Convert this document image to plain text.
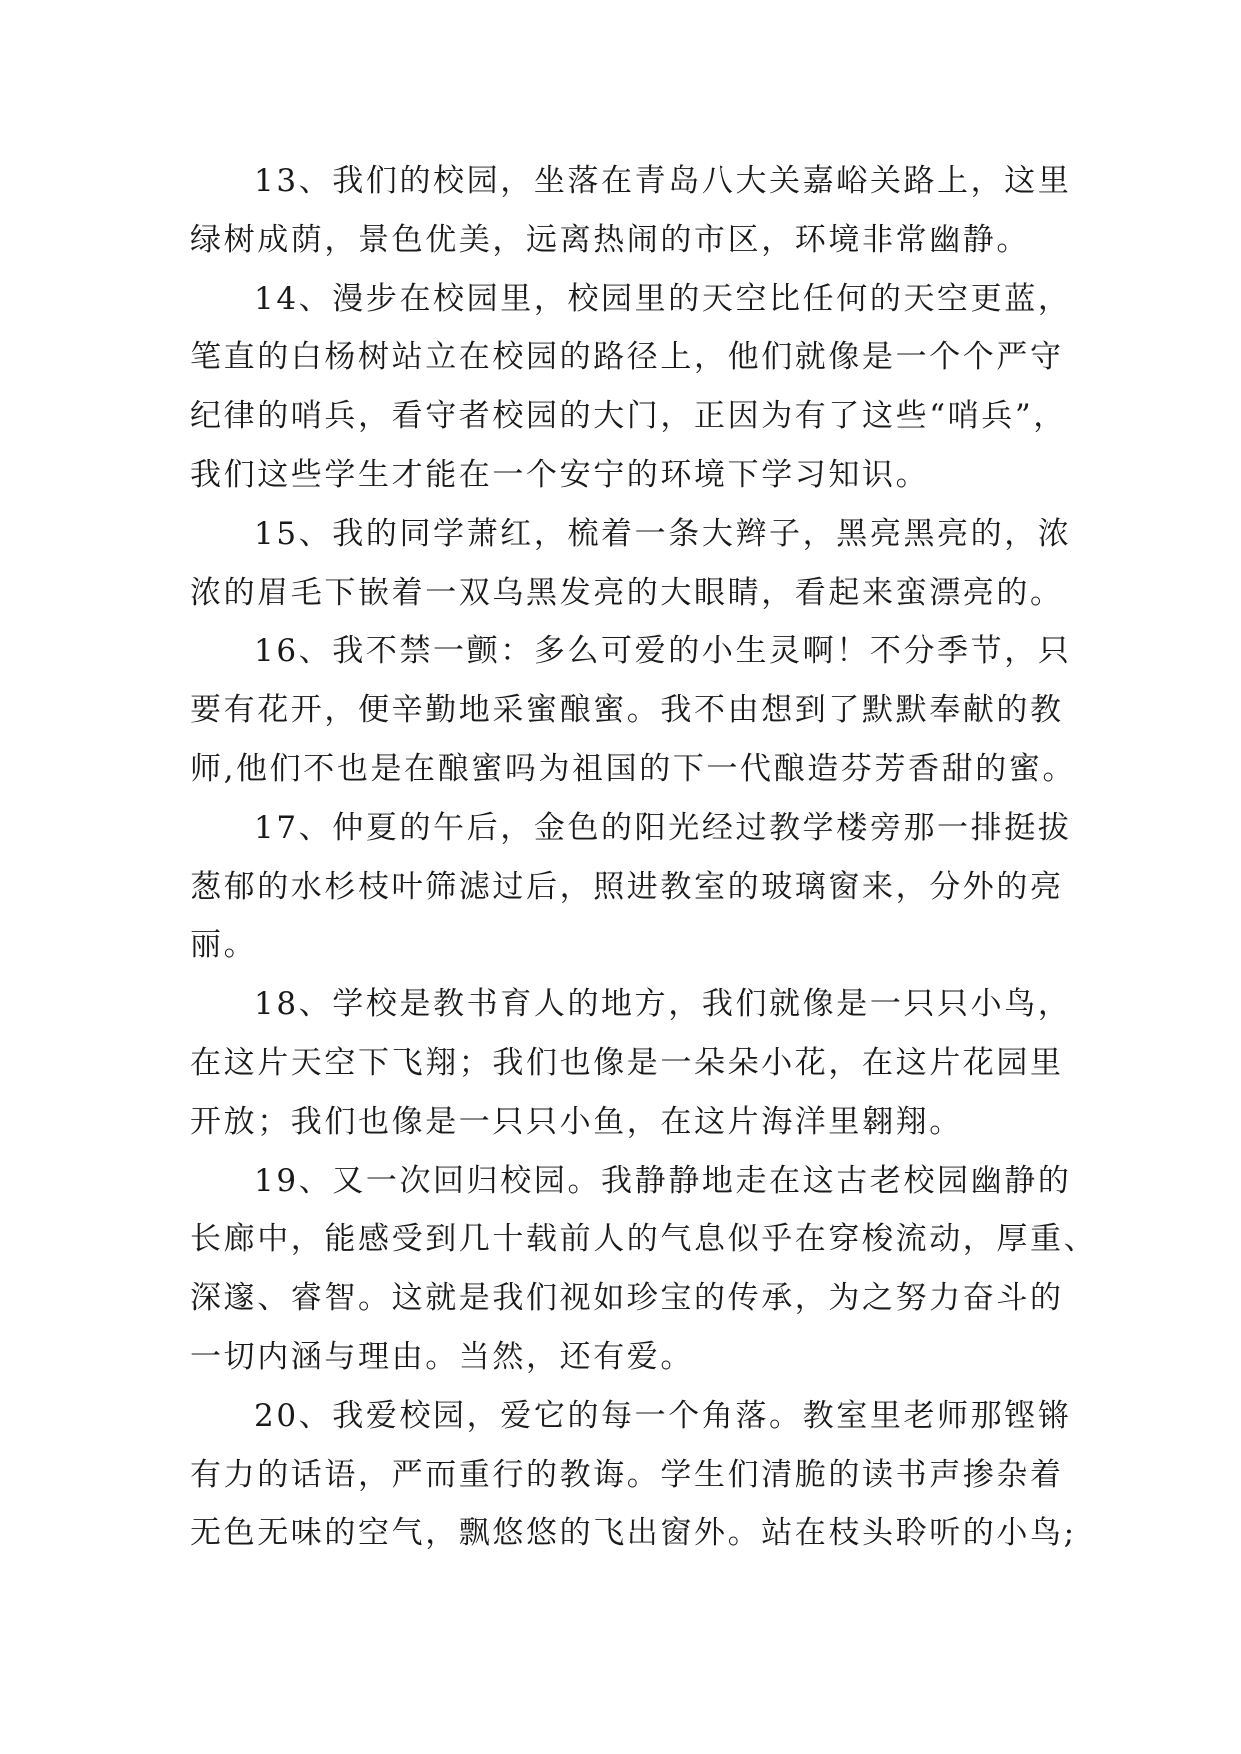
13、我们的校园，坐落在青岛八大关嘉峪关路上，这里
绿树成荫，景色优美，远离热闹的市区，环境非常幽静。
14、漫步在校园里，校园里的天空比任何的天空更蓝，
笔直的白杨树站立在校园的路径上，他们就像是一个个严守
纪律的哨兵，看守者校园的大门，正因为有了这些“哨兵”，
我们这些学生才能在一个安宁的环境下学习知识。
15、我的同学萧红，梳着一条大辫子，黑亮黑亮的，浓
浓的眉毛下嵌着一双乌黑发亮的大眼睛，看起来蛮漂亮的。
16、我不禁一颤：多么可爱的小生灵啊！不分季节，只
要有花开，便辛勤地采蜜酿蜜。我不由想到了默默奉献的教
师,他们不也是在酿蜜吗为祖国的下一代酿造芬芳香甜的蜜。
17、仲夏的午后，金色的阳光经过教学楼旁那一排挺拔
葱郁的水杉枝叶筛滤过后，照进教室的玻璃窗来，分外的亮
丽。
18、学校是教书育人的地方，我们就像是一只只小鸟，
在这片天空下飞翔；我们也像是一朵朵小花，在这片花园里
开放；我们也像是一只只小鱼，在这片海洋里翱翔。
19、又一次回归校园。我静静地走在这古老校园幽静的
长廊中，能感受到几十载前人的气息似乎在穿梭流动，厚重、
深邃、睿智。这就是我们视如珍宝的传承，为之努力奋斗的
一切内涵与理由。当然，还有爱。
20、我爱校园，爱它的每一个角落。教室里老师那铿锵
有力的话语，严而重行的教诲。学生们清脆的读书声掺杂着
无色无味的空气，飘悠悠的飞出窗外。站在枝头聆听的小鸟;
